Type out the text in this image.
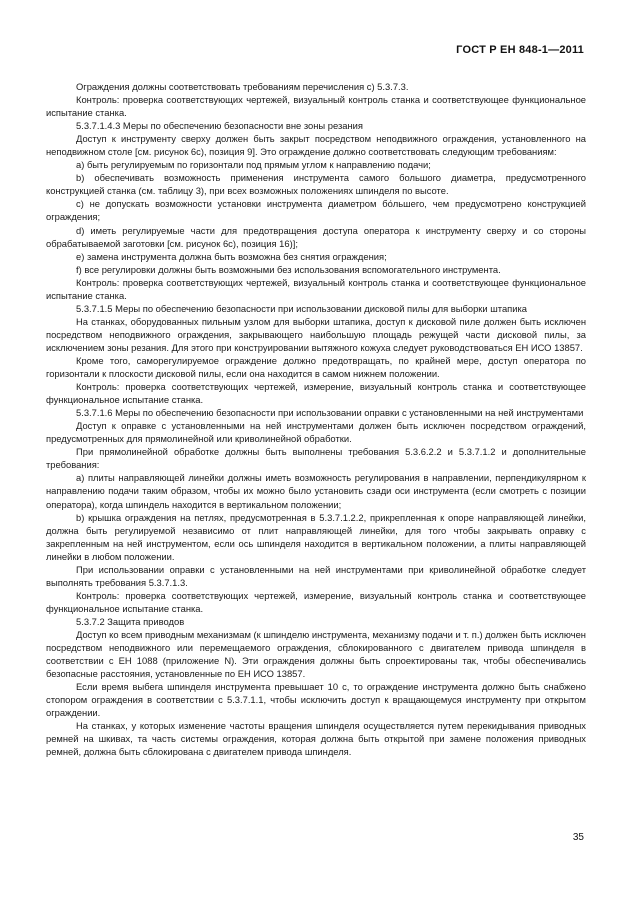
ГОСТ Р ЕН 848-1—2011

Ограждения должны соответствовать требованиям перечисления с) 5.3.7.3.

Контроль: проверка соответствующих чертежей, визуальный контроль станка и соответствующее функциональное испытание станка.

5.3.7.1.4.3 Меры по обеспечению безопасности вне зоны резания

Доступ к инструменту сверху должен быть закрыт посредством неподвижного ограждения, установленного на неподвижном столе [см. рисунок 6c), позиция 9]. Это ограждение должно соответствовать следующим требованиям:

a) быть регулируемым по горизонтали под прямым углом к направлению подачи;

b) обеспечивать возможность применения инструмента самого большого диаметра, предусмотренного конструкцией станка (см. таблицу 3), при всех возможных положениях шпинделя по высоте.

c) не допускать возможности установки инструмента диаметром бо́льшего, чем предусмотрено конструкцией ограждения;

d) иметь регулируемые части для предотвращения доступа оператора к инструменту сверху и со стороны обрабатываемой заготовки [см. рисунок 6c), позиция 16)];

e) замена инструмента должна быть возможна без снятия ограждения;

f) все регулировки должны быть возможными без использования вспомогательного инструмента.

Контроль: проверка соответствующих чертежей, визуальный контроль станка и соответствующее функциональное испытание станка.

5.3.7.1.5 Меры по обеспечению безопасности при использовании дисковой пилы для выборки штапика

На станках, оборудованных пильным узлом для выборки штапика, доступ к дисковой пиле должен быть исключен посредством неподвижного ограждения, закрывающего наибольшую площадь режущей части дисковой пилы, за исключением зоны резания. Для этого при конструировании вытяжного кожуха следует руководствоваться ЕН ИСО 13857.

Кроме того, саморегулируемое ограждение должно предотвращать, по крайней мере, доступ оператора по горизонтали к плоскости дисковой пилы, если она находится в самом нижнем положении.

Контроль: проверка соответствующих чертежей, измерение, визуальный контроль станка и соответствующее функциональное испытание станка.

5.3.7.1.6 Меры по обеспечению безопасности при использовании оправки с установленными на ней инструментами

Доступ к оправке с установленными на ней инструментами должен быть исключен посредством ограждений, предусмотренных для прямолинейной или криволинейной обработки.

При прямолинейной обработке должны быть выполнены требования 5.3.6.2.2 и 5.3.7.1.2 и дополнительные требования:

a) плиты направляющей линейки должны иметь возможность регулирования в направлении, перпендикулярном к направлению подачи таким образом, чтобы их можно было установить сзади оси инструмента (если смотреть с позиции оператора), когда шпиндель находится в вертикальном положении;

b) крышка ограждения на петлях, предусмотренная в 5.3.7.1.2.2, прикрепленная к опоре направляющей линейки, должна быть регулируемой независимо от плит направляющей линейки, для того чтобы закрывать оправку с закрепленным на ней инструментом, если ось шпинделя находится в вертикальном положении, а плиты направляющей линейки в любом положении.

При использовании оправки с установленными на ней инструментами при криволинейной обработке следует выполнять требования 5.3.7.1.3.

Контроль: проверка соответствующих чертежей, измерение, визуальный контроль станка и соответствующее функциональное испытание станка.

5.3.7.2 Защита приводов

Доступ ко всем приводным механизмам (к шпинделю инструмента, механизму подачи и т. п.) должен быть исключен посредством неподвижного или перемещаемого ограждения, сблокированного с двигателем привода шпинделя в соответствии с ЕН 1088 (приложение N). Эти ограждения должны быть спроектированы так, чтобы обеспечивались безопасные расстояния, установленные по ЕН ИСО 13857.

Если время выбега шпинделя инструмента превышает 10 с, то ограждение инструмента должно быть снабжено стопором ограждения в соответствии с 5.3.7.1.1, чтобы исключить доступ к вращающемуся инструменту при открытом ограждении.

На станках, у которых изменение частоты вращения шпинделя осуществляется путем перекидывания приводных ремней на шкивах, та часть системы ограждения, которая должна быть открытой при замене положения приводных ремней, должна быть сблокирована с двигателем привода шпинделя.

35
